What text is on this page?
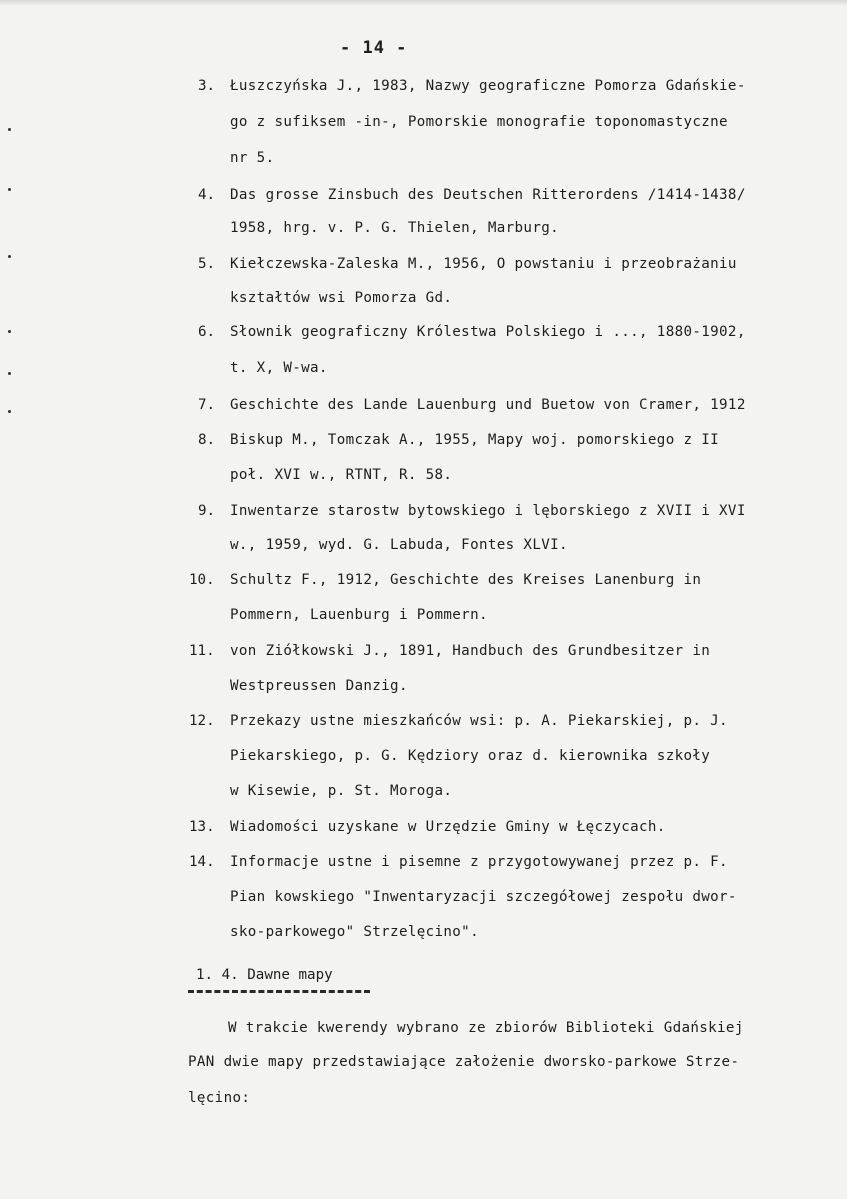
- 14 -
3. Łuszczyńska J., 1983, Nazwy geograficzne Pomorza Gdańskie-
go z sufiksem -in-, Pomorskie monografie toponomastyczne
nr 5.
4. Das grosse Zinsbuch des Deutschen Ritterordens /1414-1438/
1958, hrg. v. P. G. Thielen, Marburg.
5. Kiełczewska-Zaleska M., 1956, O powstaniu i przeobrażaniu
kształtów wsi Pomorza Gd.
6. Słownik geograficzny Królestwa Polskiego i ..., 1880-1902,
t. X, W-wa.
7. Geschichte des Lande Lauenburg und Buetow von Cramer, 1912
8. Biskup M., Tomczak A., 1955, Mapy woj. pomorskiego z II
poł. XVI w., RTNT, R. 58.
9. Inwentarze starostw bytowskiego i lęborskiego z XVII i XVI
w., 1959, wyd. G. Labuda, Fontes XLVI.
10. Schultz F., 1912, Geschichte des Kreises Lanenburg in
Pommern, Lauenburg i Pommern.
11. von Ziółkowski J., 1891, Handbuch des Grundbesitzer in
Westpreussen Danzig.
12. Przekazy ustne mieszkańców wsi: p. A. Piekarskiej, p. J.
Piekarskiego, p. G. Kędziory oraz d. kierownika szkoły
w Kisewie, p. St. Moroga.
13. Wiadomości uzyskane w Urzędzie Gminy w Łęczycach.
14. Informacje ustne i pisemne z przygotowywanej przez p. F.
Pian kowskiego "Inwentaryzacji szczegółowej zespołu dwor-
sko-parkowego" Strzelęcino".
1. 4. Dawne mapy
W trakcie kwerendy wybrano ze zbiorów Biblioteki Gdańskiej
PAN dwie mapy przedstawiające założenie dworsko-parkowe Strze-
lęcino:
